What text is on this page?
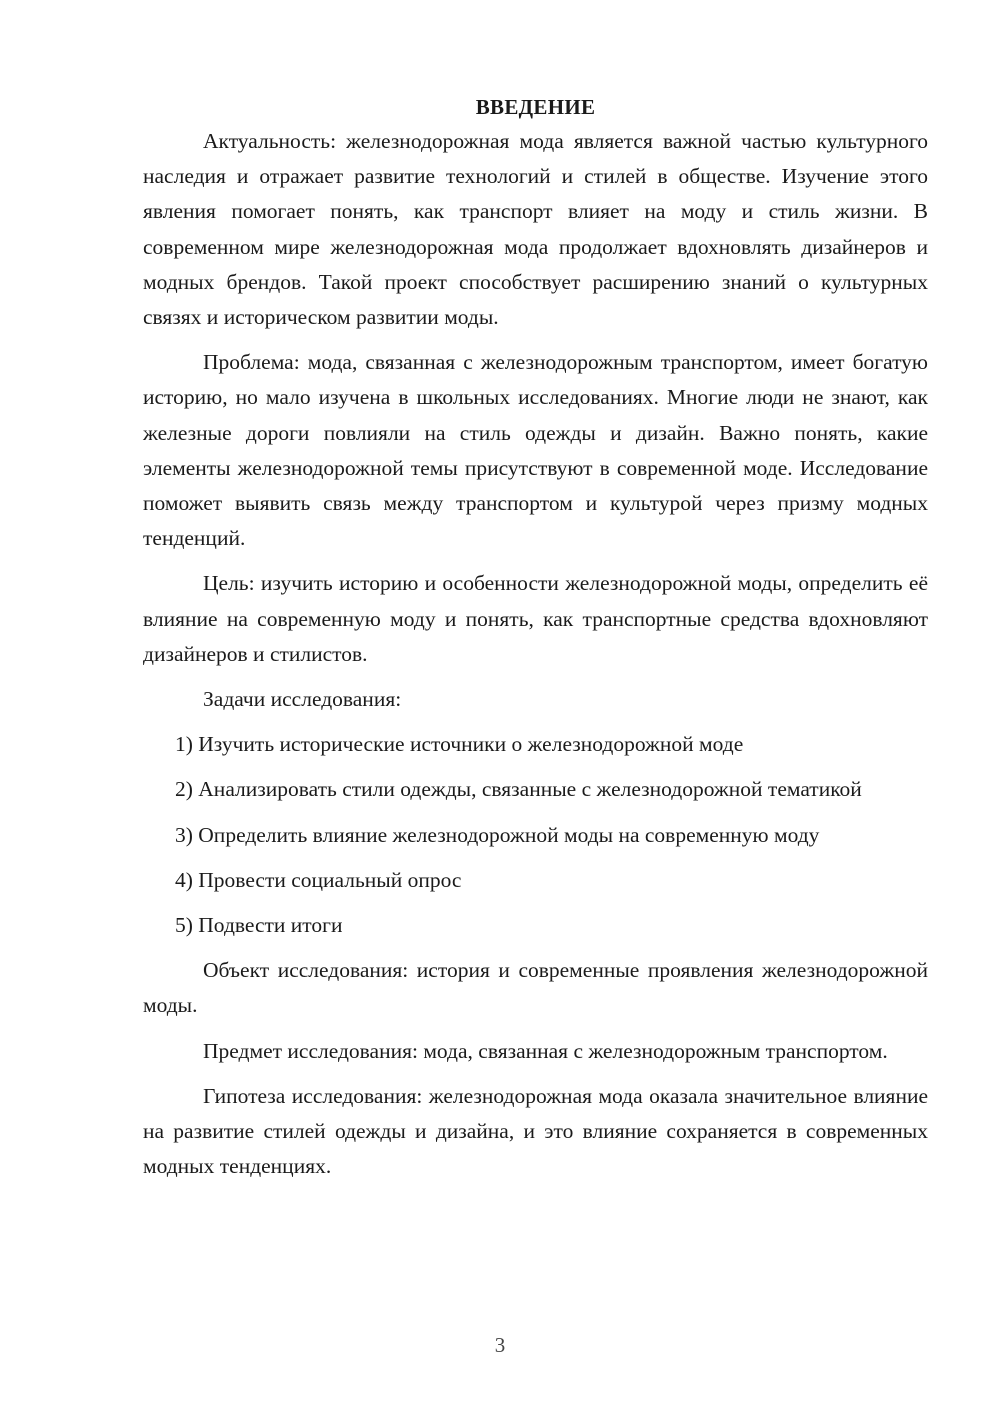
ВВЕДЕНИЕ

Актуальность: железнодорожная мода является важной частью культурного наследия и отражает развитие технологий и стилей в обществе. Изучение этого явления помогает понять, как транспорт влияет на моду и стиль жизни. В современном мире железнодорожная мода продолжает вдохновлять дизайнеров и модных брендов. Такой проект способствует расширению знаний о культурных связях и историческом развитии моды.

Проблема: мода, связанная с железнодорожным транспортом, имеет богатую историю, но мало изучена в школьных исследованиях. Многие люди не знают, как железные дороги повлияли на стиль одежды и дизайн. Важно понять, какие элементы железнодорожной темы присутствуют в современной моде. Исследование поможет выявить связь между транспортом и культурой через призму модных тенденций.

Цель: изучить историю и особенности железнодорожной моды, определить её влияние на современную моду и понять, как транспортные средства вдохновляют дизайнеров и стилистов.

Задачи исследования:

1) Изучить исторические источники о железнодорожной моде

2) Анализировать стили одежды, связанные с железнодорожной тематикой

3) Определить влияние железнодорожной моды на современную моду

4) Провести социальный опрос

5) Подвести итоги

Объект исследования: история и современные проявления железнодорожной моды.

Предмет исследования: мода, связанная с железнодорожным транспортом.

Гипотеза исследования: железнодорожная мода оказала значительное влияние на развитие стилей одежды и дизайна, и это влияние сохраняется в современных модных тенденциях.

3
